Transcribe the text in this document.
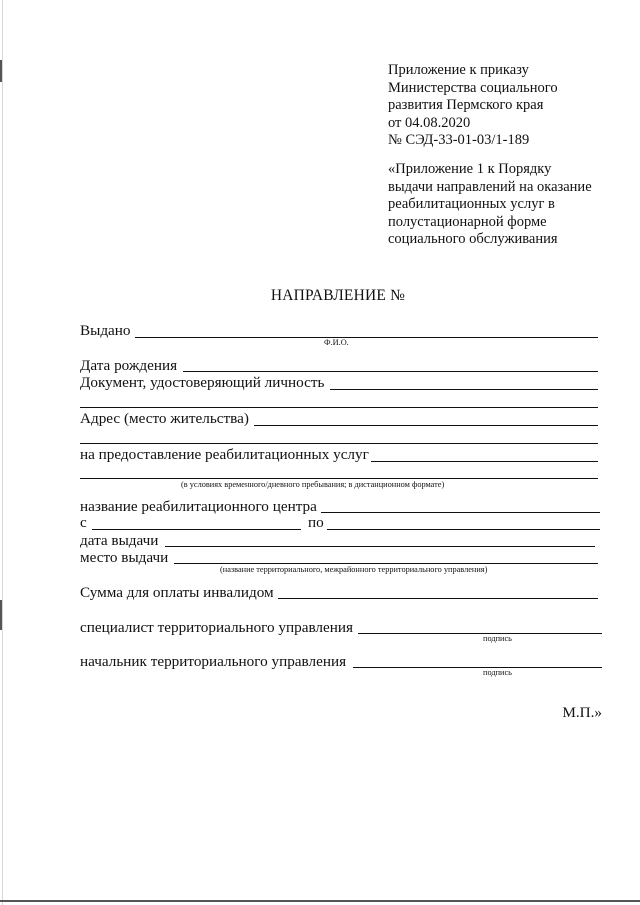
Приложение к приказу
Министерства социального
развития Пермского края
от 04.08.2020
№ СЭД-33-01-03/1-189
«Приложение 1 к Порядку
выдачи направлений на оказание
реабилитационных услуг в
полустационарной форме
социального обслуживания
НАПРАВЛЕНИЕ №
Выдано
Ф.И.О.
Дата рождения
Документ, удостоверяющий личность
Адрес (место жительства)
на предоставление реабилитационных услуг
(в условиях временного/дневного пребывания; в дистанционном формате)
название реабилитационного центра
с	по
дата выдачи
место выдачи
(название территориального, межрайонного территориального управления)
Сумма для оплаты инвалидом
специалист территориального управления
подпись
начальник территориального управления
подпись
М.П.»
